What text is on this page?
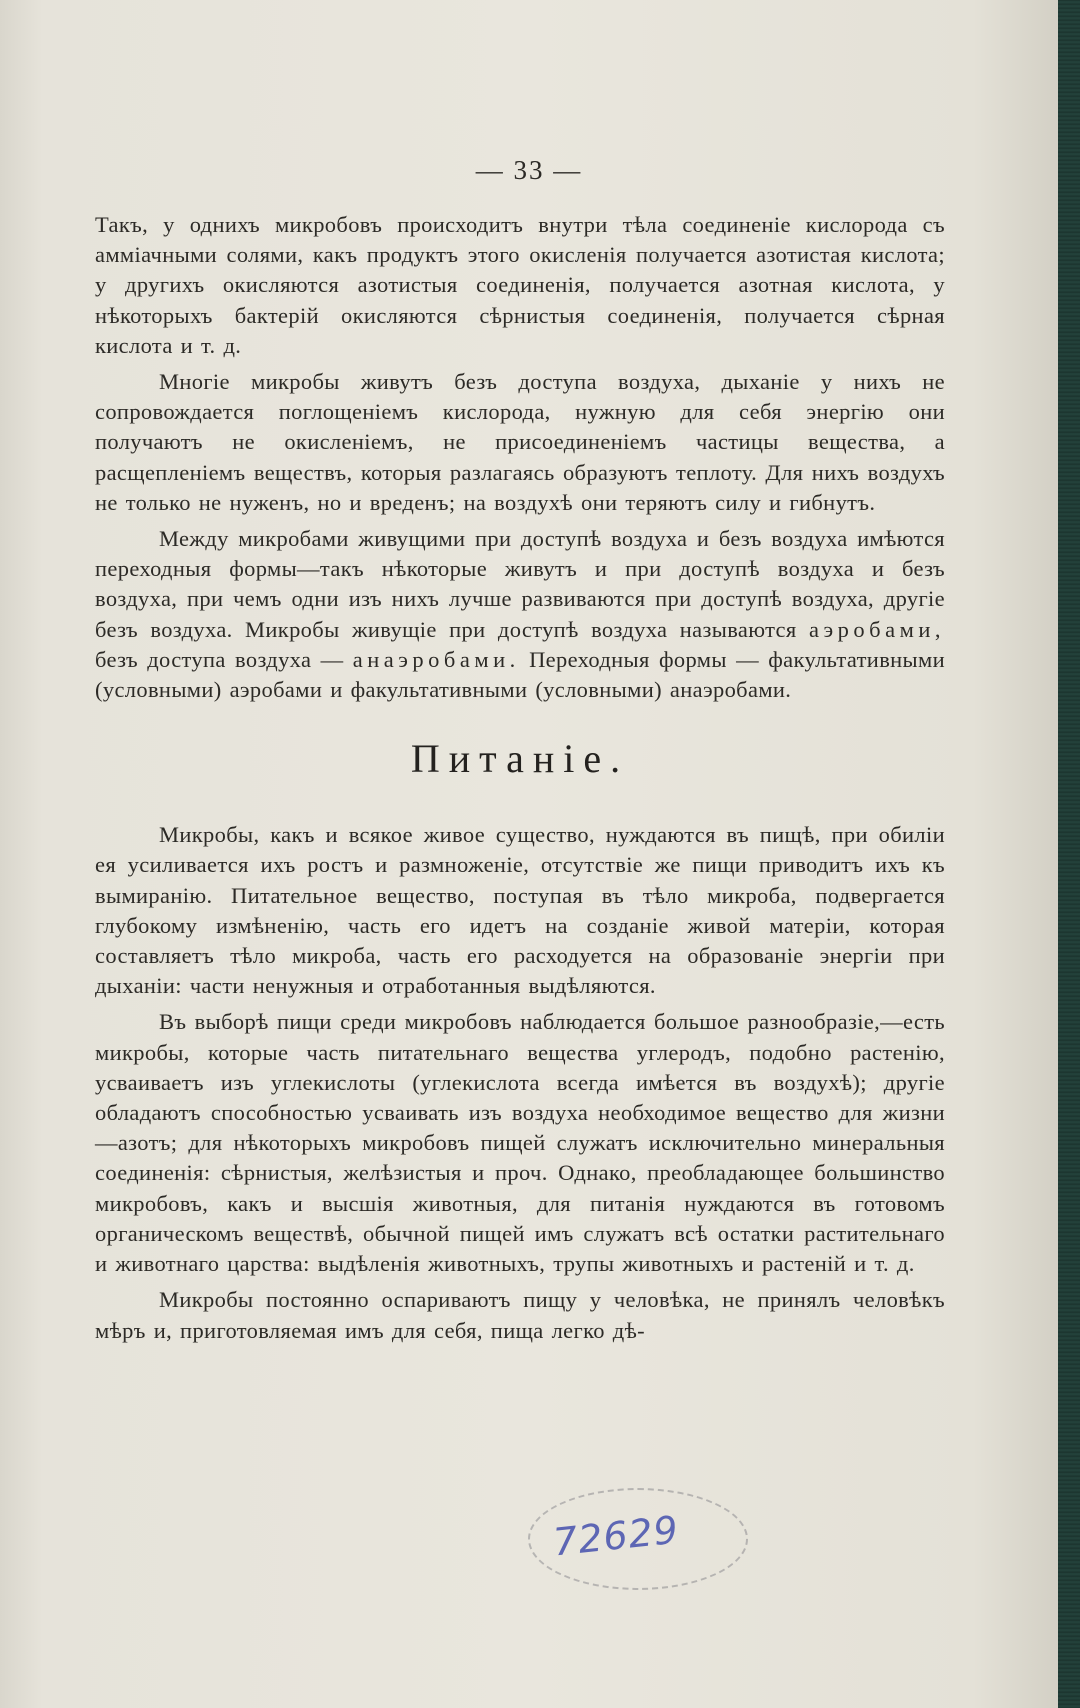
— 33 —

Такъ, у однихъ микробовъ происходитъ внутри тѣла соединенiе кислорода съ амміачными солями, какъ продуктъ этого окисленія получается азотистая кислота; у другихъ окисляются азотистыя соединенія, получается азотная кислота, у нѣкоторыхъ бактерій окисляются сѣрнистыя соединенія, получается сѣрная кислота и т. д.

Многіе микробы живутъ безъ доступа воздуха, дыханіе у нихъ не сопровождается поглощеніемъ кислорода, нужную для себя энергію они получаютъ не окисленіемъ, не присоединеніемъ частицы вещества, а расщепленіемъ веществъ, которыя разлагаясь образуютъ теплоту. Для нихъ воздухъ не только не нуженъ, но и вреденъ; на воздухѣ они теряютъ силу и гибнутъ.

Между микробами живущими при доступѣ воздуха и безъ воздуха имѣются переходныя формы—такъ нѣкоторые живутъ и при доступѣ воздуха и безъ воздуха, при чемъ одни изъ нихъ лучше развиваются при доступѣ воздуха, другіе безъ воздуха. Микробы живущіе при доступѣ воздуха называются аэробами, безъ доступа воздуха — анаэробами. Переходныя формы — факультативными (условными) аэробами и факультативными (условными) анаэробами.

Питаніе.

Микробы, какъ и всякое живое существо, нуждаются въ пищѣ, при обиліи ея усиливается ихъ ростъ и размноженіе, отсутствіе же пищи приводитъ ихъ къ вымиранію. Питательное вещество, поступая въ тѣло микроба, подвергается глубокому измѣненію, часть его идетъ на созданіе живой матеріи, которая составляетъ тѣло микроба, часть его расходуется на образованіе энергіи при дыханіи: части ненужныя и отработанныя выдѣляются.

Въ выборѣ пищи среди микробовъ наблюдается большое разнообразіе,—есть микробы, которые часть питательнаго вещества углеродъ, подобно растенію, усваиваетъ изъ углекислоты (углекислота всегда имѣется въ воздухѣ); другіе обладаютъ способностью усваивать изъ воздуха необходимое вещество для жизни—азотъ; для нѣкоторыхъ микробовъ пищей служатъ исключительно минеральныя соединенія: сѣрнистыя, желѣзистыя и проч. Однако, преобладающее большинство микробовъ, какъ и высшія животныя, для питанія нуждаются въ готовомъ органическомъ веществѣ, обычной пищей имъ служатъ всѣ остатки растительнаго и животнаго царства: выдѣленія животныхъ, трупы животныхъ и растеній и т. д.

Микробы постоянно оспариваютъ пищу у человѣка, не принялъ человѣкъ мѣръ и, приготовляемая имъ для себя, пища легко дѣ-

72629
